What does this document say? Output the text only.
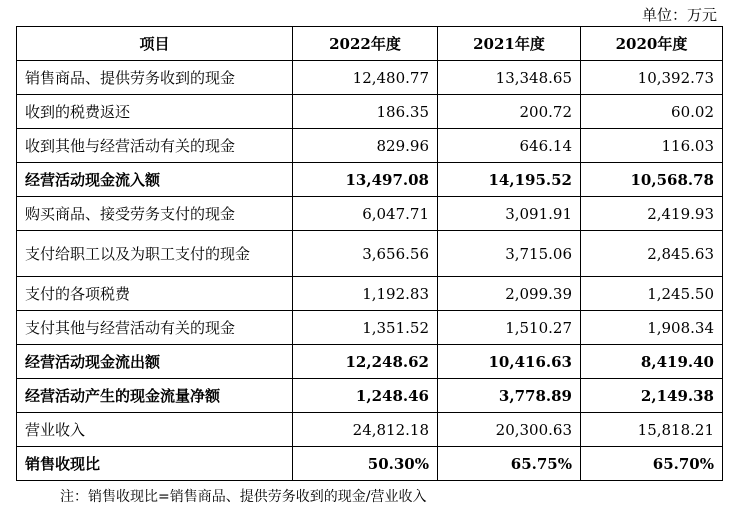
单位：万元
项目	2022年度	2021年度	2020年度
销售商品、提供劳务收到的现金	12,480.77	13,348.65	10,392.73
收到的税费返还	186.35	200.72	60.02
收到其他与经营活动有关的现金	829.96	646.14	116.03
经营活动现金流入额	13,497.08	14,195.52	10,568.78
购买商品、接受劳务支付的现金	6,047.71	3,091.91	2,419.93
支付给职工以及为职工支付的现金	3,656.56	3,715.06	2,845.63
支付的各项税费	1,192.83	2,099.39	1,245.50
支付其他与经营活动有关的现金	1,351.52	1,510.27	1,908.34
经营活动现金流出额	12,248.62	10,416.63	8,419.40
经营活动产生的现金流量净额	1,248.46	3,778.89	2,149.38
营业收入	24,812.18	20,300.63	15,818.21
销售收现比	50.30%	65.75%	65.70%
注：销售收现比=销售商品、提供劳务收到的现金/营业收入
